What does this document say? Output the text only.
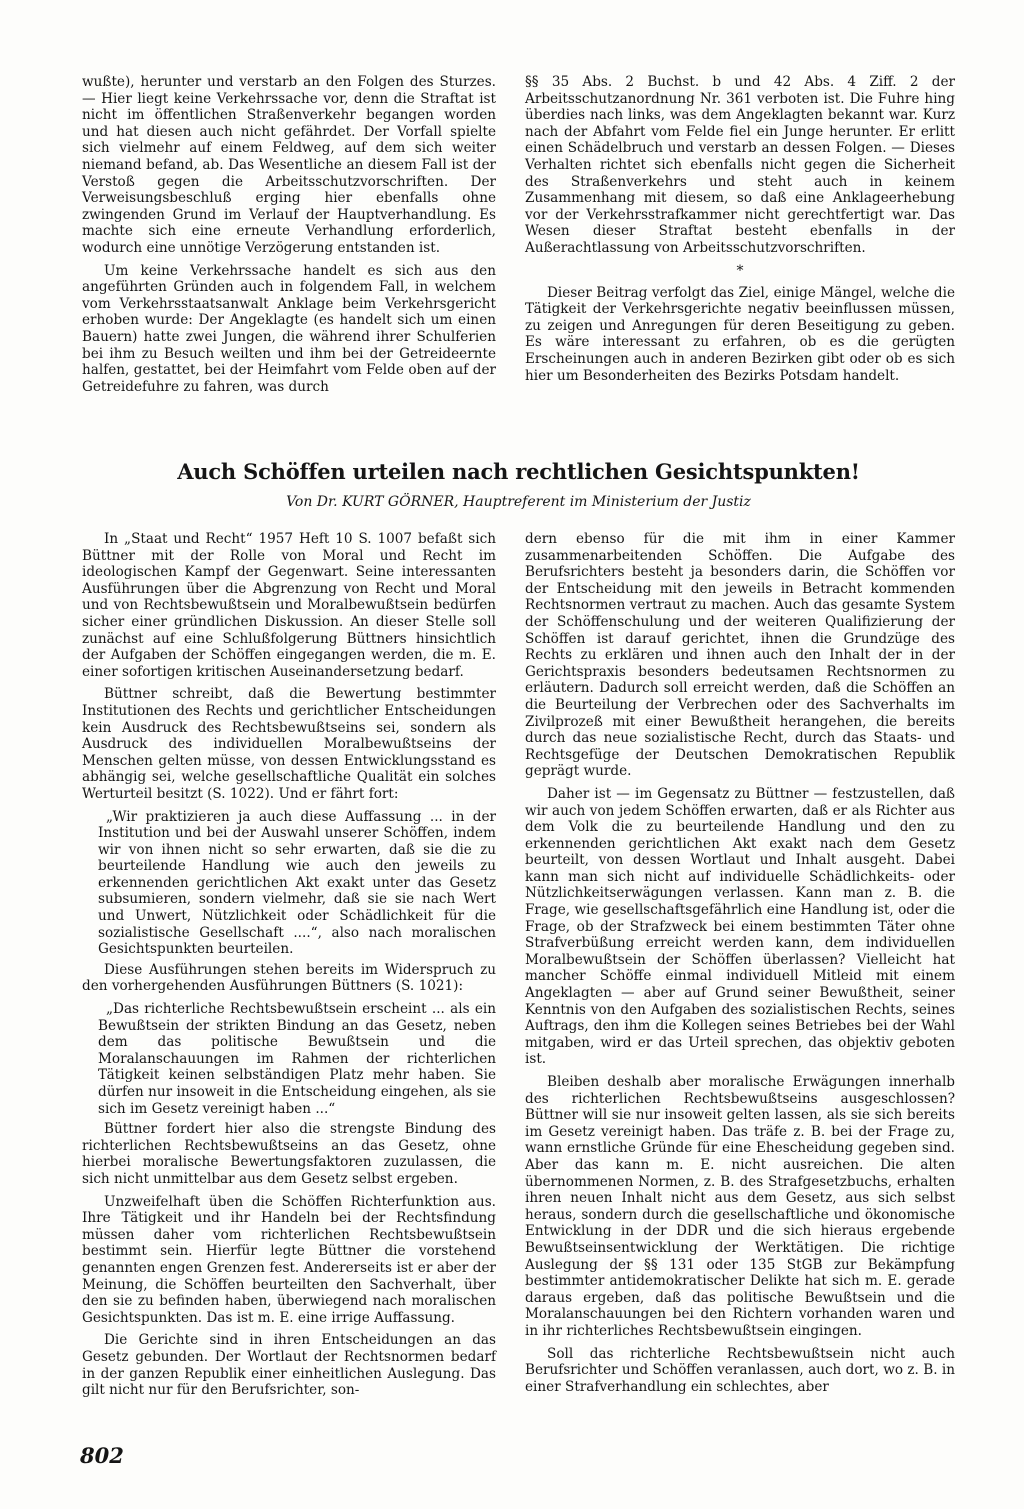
wußte), herunter und verstarb an den Folgen des Sturzes. — Hier liegt keine Verkehrssache vor, denn die Straftat ist nicht im öffentlichen Straßenverkehr begangen worden und hat diesen auch nicht gefährdet. Der Vorfall spielte sich vielmehr auf einem Feldweg, auf dem sich weiter niemand befand, ab. Das Wesentliche an diesem Fall ist der Verstoß gegen die Arbeitsschutzvorschriften. Der Verweisungsbeschluß erging hier ebenfalls ohne zwingenden Grund im Verlauf der Hauptverhandlung. Es machte sich eine erneute Verhandlung erforderlich, wodurch eine unnötige Verzögerung entstanden ist.

Um keine Verkehrssache handelt es sich aus den angeführten Gründen auch in folgendem Fall, in welchem vom Verkehrsstaatsanwalt Anklage beim Verkehrsgericht erhoben wurde: Der Angeklagte (es handelt sich um einen Bauern) hatte zwei Jungen, die während ihrer Schulferien bei ihm zu Besuch weilten und ihm bei der Getreideernte halfen, gestattet, bei der Heimfahrt vom Felde oben auf der Getreidefuhre zu fahren, was durch

§§ 35 Abs. 2 Buchst. b und 42 Abs. 4 Ziff. 2 der Arbeitsschutzanordnung Nr. 361 verboten ist. Die Fuhre hing überdies nach links, was dem Angeklagten bekannt war. Kurz nach der Abfahrt vom Felde fiel ein Junge herunter. Er erlitt einen Schädelbruch und verstarb an dessen Folgen. — Dieses Verhalten richtet sich ebenfalls nicht gegen die Sicherheit des Straßenverkehrs und steht auch in keinem Zusammenhang mit diesem, so daß eine Anklageerhebung vor der Verkehrsstrafkammer nicht gerechtfertigt war. Das Wesen dieser Straftat besteht ebenfalls in der Außerachtlassung von Arbeitsschutzvorschriften.

*

Dieser Beitrag verfolgt das Ziel, einige Mängel, welche die Tätigkeit der Verkehrsgerichte negativ beeinflussen müssen, zu zeigen und Anregungen für deren Beseitigung zu geben. Es wäre interessant zu erfahren, ob es die gerügten Erscheinungen auch in anderen Bezirken gibt oder ob es sich hier um Besonderheiten des Bezirks Potsdam handelt.

Auch Schöffen urteilen nach rechtlichen Gesichtspunkten!
Von Dr. KURT GÖRNER, Hauptreferent im Ministerium der Justiz

In „Staat und Recht“ 1957 Heft 10 S. 1007 befaßt sich Büttner mit der Rolle von Moral und Recht im ideologischen Kampf der Gegenwart. Seine interessanten Ausführungen über die Abgrenzung von Recht und Moral und von Rechtsbewußtsein und Moralbewußtsein bedürfen sicher einer gründlichen Diskussion. An dieser Stelle soll zunächst auf eine Schlußfolgerung Büttners hinsichtlich der Aufgaben der Schöffen eingegangen werden, die m. E. einer sofortigen kritischen Auseinandersetzung bedarf.

Büttner schreibt, daß die Bewertung bestimmter Institutionen des Rechts und gerichtlicher Entscheidungen kein Ausdruck des Rechtsbewußtseins sei, sondern als Ausdruck des individuellen Moralbewußtseins der Menschen gelten müsse, von dessen Entwicklungsstand es abhängig sei, welche gesellschaftliche Qualität ein solches Werturteil besitzt (S. 1022). Und er fährt fort:

„Wir praktizieren ja auch diese Auffassung ... in der Institution und bei der Auswahl unserer Schöffen, indem wir von ihnen nicht so sehr erwarten, daß sie die zu beurteilende Handlung wie auch den jeweils zu erkennenden gerichtlichen Akt exakt unter das Gesetz subsumieren, sondern vielmehr, daß sie sie nach Wert und Unwert, Nützlichkeit oder Schädlichkeit für die sozialistische Gesellschaft ....“, also nach moralischen Gesichtspunkten beurteilen.

Diese Ausführungen stehen bereits im Widerspruch zu den vorhergehenden Ausführungen Büttners (S. 1021):

„Das richterliche Rechtsbewußtsein erscheint ... als ein Bewußtsein der strikten Bindung an das Gesetz, neben dem das politische Bewußtsein und die Moralanschauungen im Rahmen der richterlichen Tätigkeit keinen selbständigen Platz mehr haben. Sie dürfen nur insoweit in die Entscheidung eingehen, als sie sich im Gesetz vereinigt haben ...“

Büttner fordert hier also die strengste Bindung des richterlichen Rechtsbewußtseins an das Gesetz, ohne hierbei moralische Bewertungsfaktoren zuzulassen, die sich nicht unmittelbar aus dem Gesetz selbst ergeben.

Unzweifelhaft üben die Schöffen Richterfunktion aus. Ihre Tätigkeit und ihr Handeln bei der Rechtsfindung müssen daher vom richterlichen Rechtsbewußtsein bestimmt sein. Hierfür legte Büttner die vorstehend genannten engen Grenzen fest. Andererseits ist er aber der Meinung, die Schöffen beurteilten den Sachverhalt, über den sie zu befinden haben, überwiegend nach moralischen Gesichtspunkten. Das ist m. E. eine irrige Auffassung.

Die Gerichte sind in ihren Entscheidungen an das Gesetz gebunden. Der Wortlaut der Rechtsnormen bedarf in der ganzen Republik einer einheitlichen Auslegung. Das gilt nicht nur für den Berufsrichter, son-

dern ebenso für die mit ihm in einer Kammer zusammenarbeitenden Schöffen. Die Aufgabe des Berufsrichters besteht ja besonders darin, die Schöffen vor der Entscheidung mit den jeweils in Betracht kommenden Rechtsnormen vertraut zu machen. Auch das gesamte System der Schöffenschulung und der weiteren Qualifizierung der Schöffen ist darauf gerichtet, ihnen die Grundzüge des Rechts zu erklären und ihnen auch den Inhalt der in der Gerichtspraxis besonders bedeutsamen Rechtsnormen zu erläutern. Dadurch soll erreicht werden, daß die Schöffen an die Beurteilung der Verbrechen oder des Sachverhalts im Zivilprozeß mit einer Bewußtheit herangehen, die bereits durch das neue sozialistische Recht, durch das Staats- und Rechtsgefüge der Deutschen Demokratischen Republik geprägt wurde.

Daher ist — im Gegensatz zu Büttner — festzustellen, daß wir auch von jedem Schöffen erwarten, daß er als Richter aus dem Volk die zu beurteilende Handlung und den zu erkennenden gerichtlichen Akt exakt nach dem Gesetz beurteilt, von dessen Wortlaut und Inhalt ausgeht. Dabei kann man sich nicht auf individuelle Schädlichkeits- oder Nützlichkeitserwägungen verlassen. Kann man z. B. die Frage, wie gesellschaftsgefährlich eine Handlung ist, oder die Frage, ob der Strafzweck bei einem bestimmten Täter ohne Strafverbüßung erreicht werden kann, dem individuellen Moralbewußtsein der Schöffen überlassen? Vielleicht hat mancher Schöffe einmal individuell Mitleid mit einem Angeklagten — aber auf Grund seiner Bewußtheit, seiner Kenntnis von den Aufgaben des sozialistischen Rechts, seines Auftrags, den ihm die Kollegen seines Betriebes bei der Wahl mitgaben, wird er das Urteil sprechen, das objektiv geboten ist.

Bleiben deshalb aber moralische Erwägungen innerhalb des richterlichen Rechtsbewußtseins ausgeschlossen? Büttner will sie nur insoweit gelten lassen, als sie sich bereits im Gesetz vereinigt haben. Das träfe z. B. bei der Frage zu, wann ernstliche Gründe für eine Ehescheidung gegeben sind. Aber das kann m. E. nicht ausreichen. Die alten übernommenen Normen, z. B. des Strafgesetzbuchs, erhalten ihren neuen Inhalt nicht aus dem Gesetz, aus sich selbst heraus, sondern durch die gesellschaftliche und ökonomische Entwicklung in der DDR und die sich hieraus ergebende Bewußtseinsentwicklung der Werktätigen. Die richtige Auslegung der §§ 131 oder 135 StGB zur Bekämpfung bestimmter antidemokratischer Delikte hat sich m. E. gerade daraus ergeben, daß das politische Bewußtsein und die Moralanschauungen bei den Richtern vorhanden waren und in ihr richterliches Rechtsbewußtsein eingingen.

Soll das richterliche Rechtsbewußtsein nicht auch Berufsrichter und Schöffen veranlassen, auch dort, wo z. B. in einer Strafverhandlung ein schlechtes, aber

802
